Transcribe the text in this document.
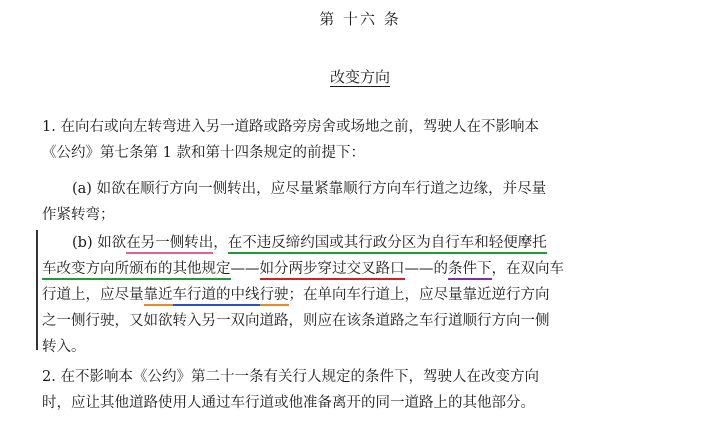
第 十六 条
改变方向
1. 在向右或向左转弯进入另一道路或路旁房舍或场地之前，驾驶人在不影响本
《公约》第七条第 1 款和第十四条规定的前提下：
(a) 如欲在顺行方向一侧转出，应尽量紧靠顺行方向车行道之边缘，并尽量
作紧转弯；
(b) 如欲在另一侧转出，在不违反缔约国或其行政分区为自行车和轻便摩托
车改变方向所颁布的其他规定——如分两步穿过交叉路口——的条件下，在双向车
行道上，应尽量靠近车行道的中线行驶；在单向车行道上，应尽量靠近逆行方向
之一侧行驶，又如欲转入另一双向道路，则应在该条道路之车行道顺行方向一侧
转入。
2. 在不影响本《公约》第二十一条有关行人规定的条件下，驾驶人在改变方向
时，应让其他道路使用人通过车行道或他准备离开的同一道路上的其他部分。
